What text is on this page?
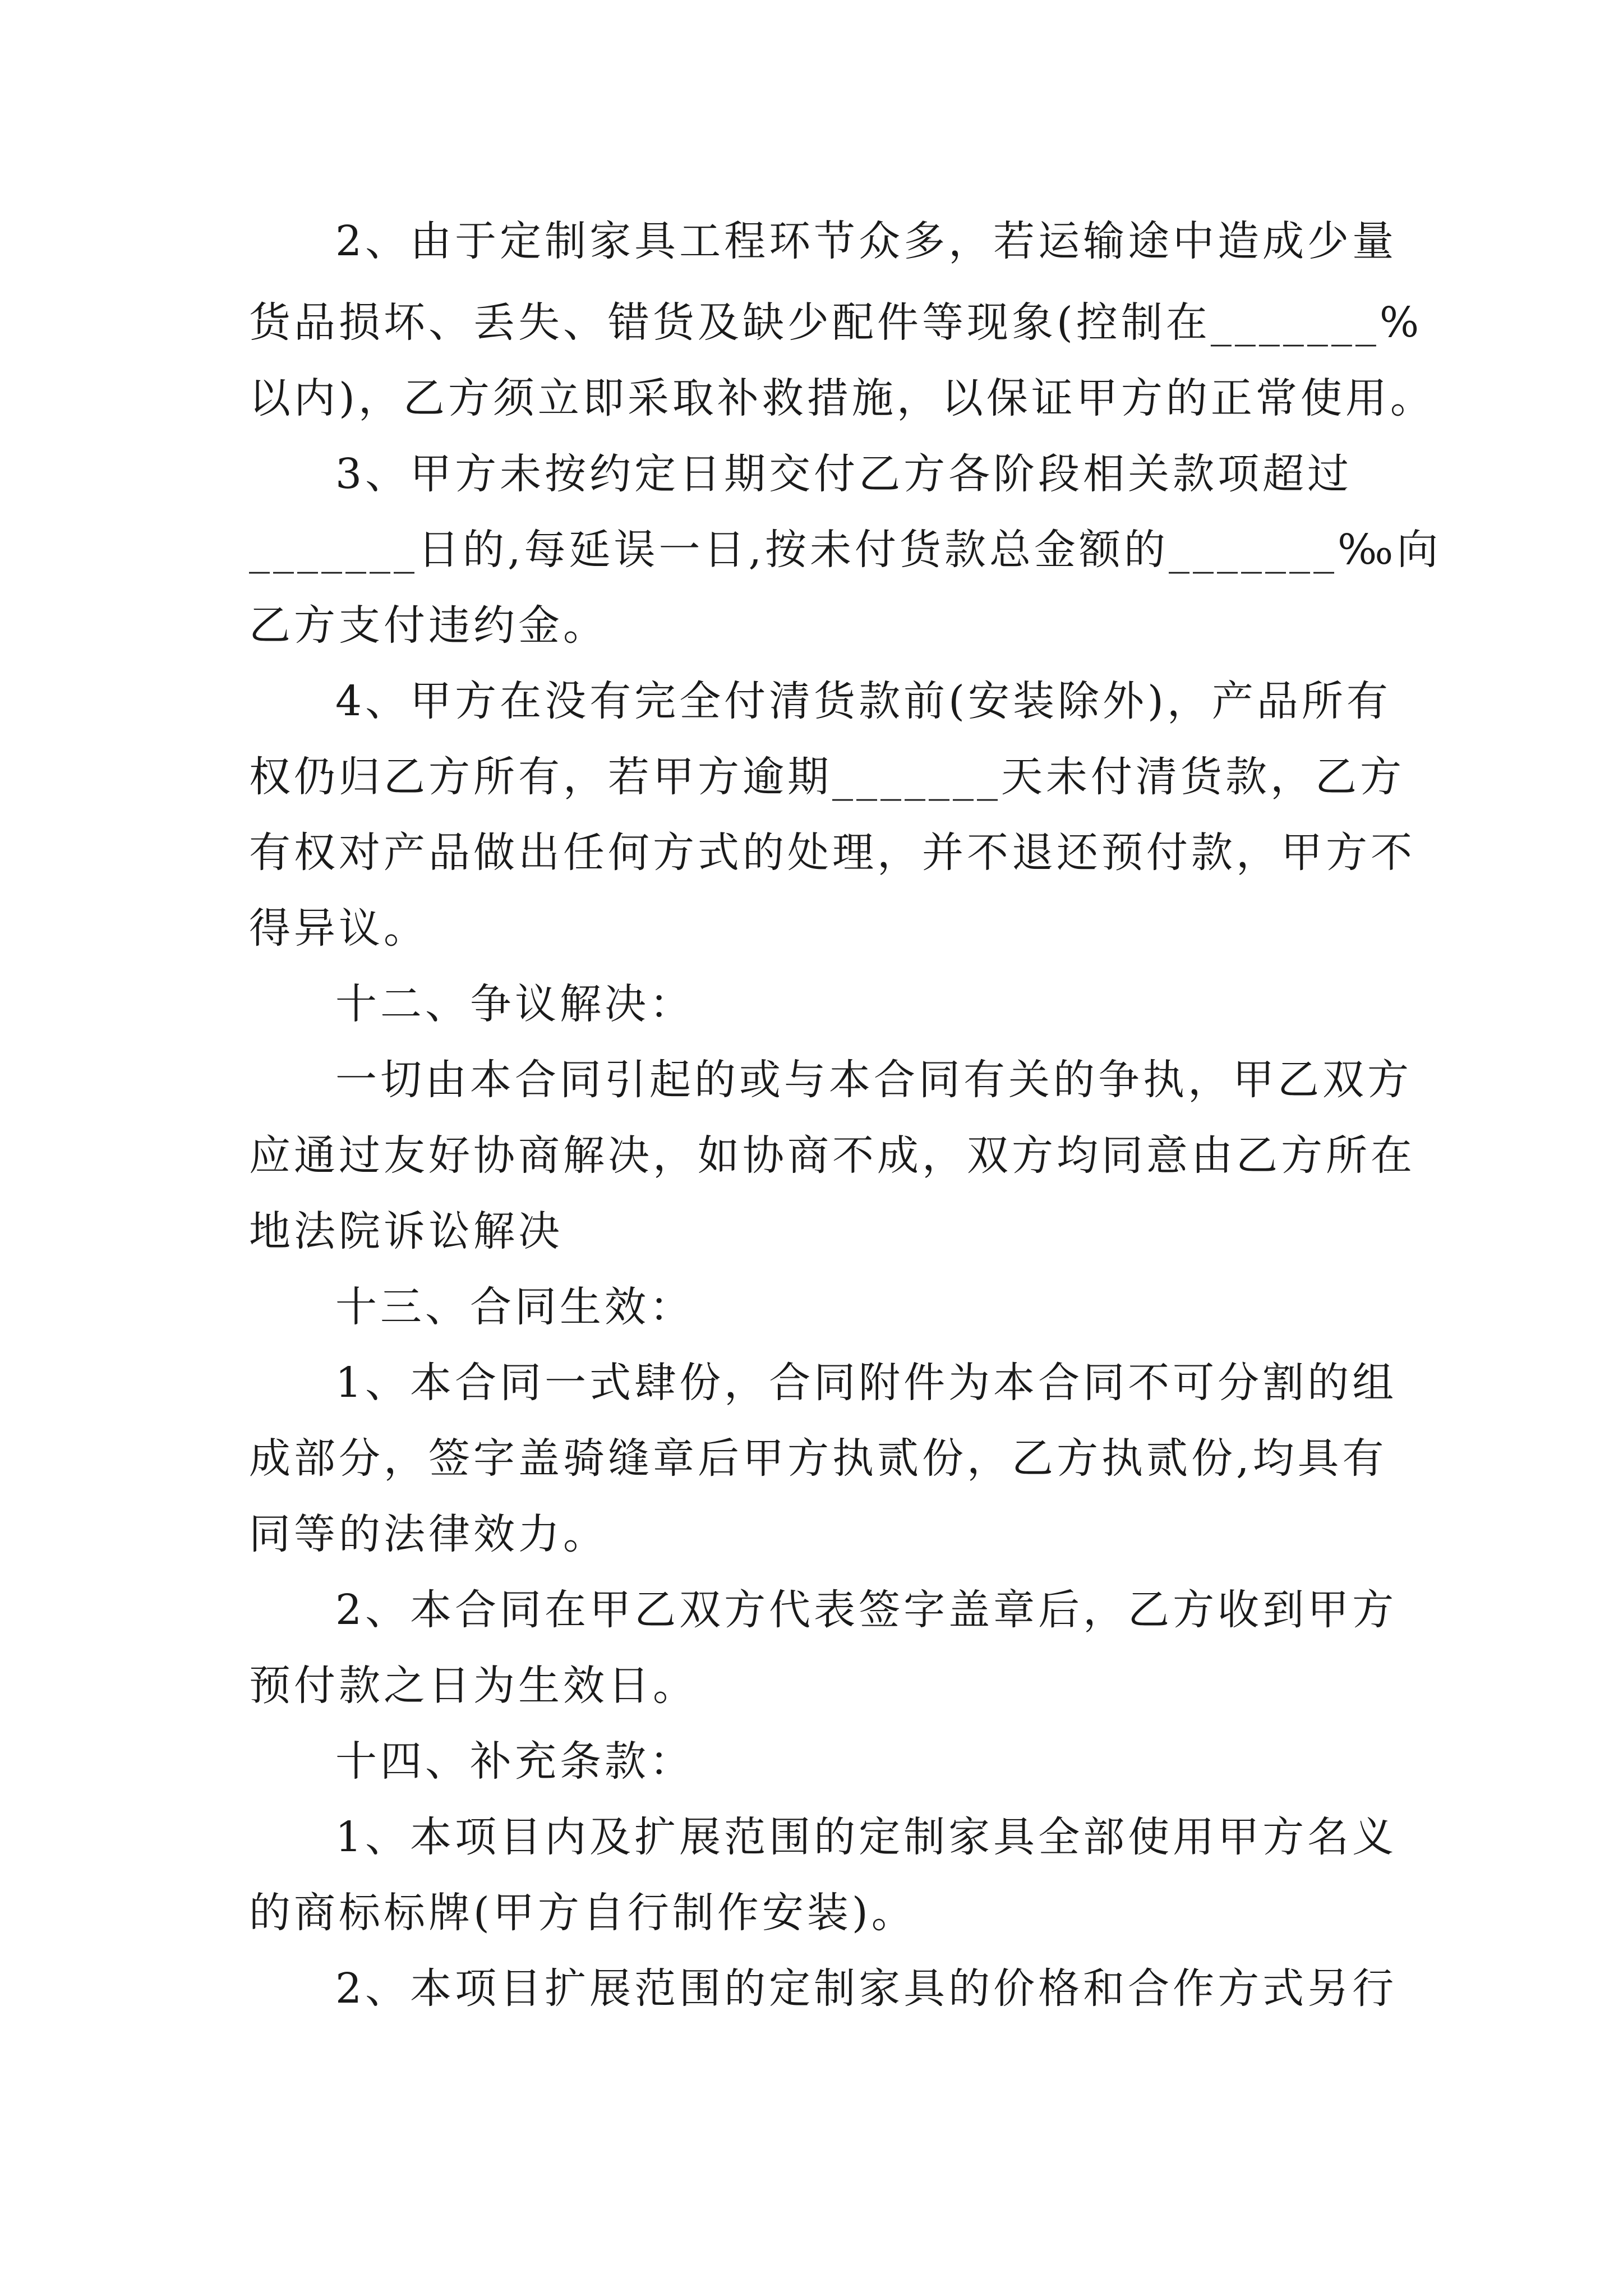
2、由于定制家具工程环节众多，若运输途中造成少量
货品损坏、丢失、错货及缺少配件等现象(控制在_______%
以内)，乙方须立即采取补救措施，以保证甲方的正常使用。
3、甲方未按约定日期交付乙方各阶段相关款项超过
_______日的,每延误一日,按未付货款总金额的_______‰向
乙方支付违约金。
4、甲方在没有完全付清货款前(安装除外)，产品所有
权仍归乙方所有，若甲方逾期_______天未付清货款，乙方
有权对产品做出任何方式的处理，并不退还预付款，甲方不
得异议。
十二、争议解决：
一切由本合同引起的或与本合同有关的争执，甲乙双方
应通过友好协商解决，如协商不成，双方均同意由乙方所在
地法院诉讼解决
十三、合同生效：
1、本合同一式肆份，合同附件为本合同不可分割的组
成部分，签字盖骑缝章后甲方执贰份，乙方执贰份,均具有
同等的法律效力。
2、本合同在甲乙双方代表签字盖章后，乙方收到甲方
预付款之日为生效日。
十四、补充条款：
1、本项目内及扩展范围的定制家具全部使用甲方名义
的商标标牌(甲方自行制作安装)。
2、本项目扩展范围的定制家具的价格和合作方式另行
